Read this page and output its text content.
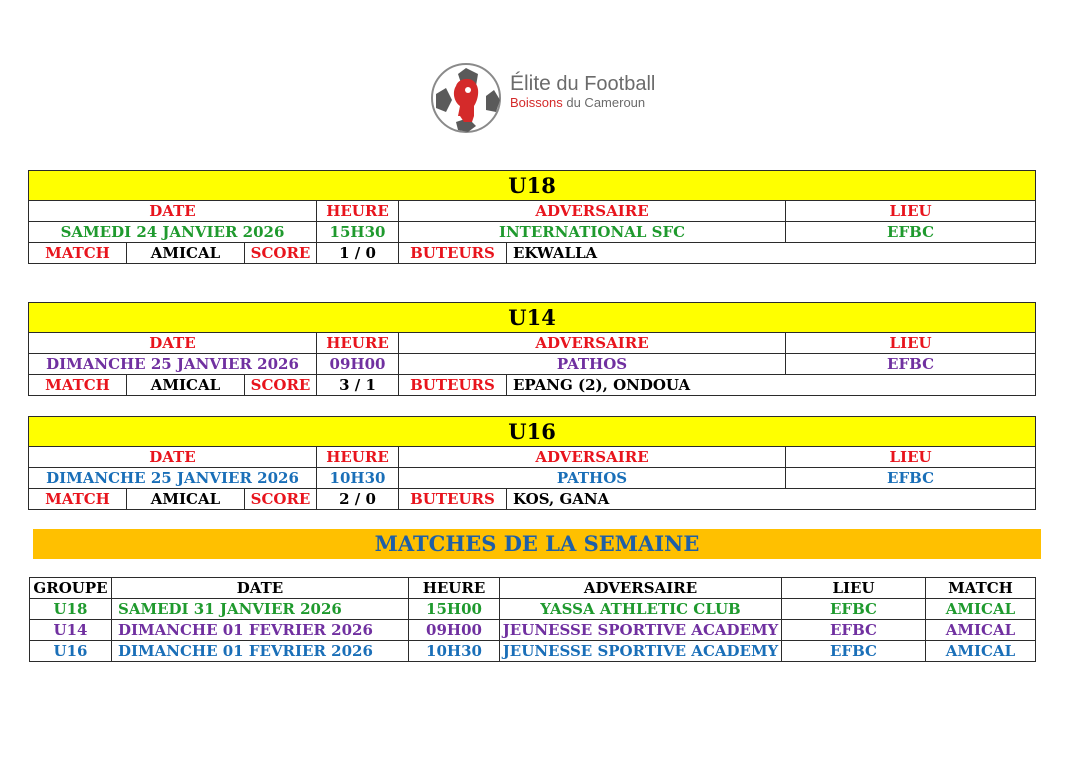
Élite du Football
Boissons du Cameroun
U18						
DATE			HEURE	ADVERSAIRE		LIEU
SAMEDI 24 JANVIER 2026			15H30	INTERNATIONAL SFC		EFBC
MATCH	AMICAL	SCORE	1 / 0	BUTEURS	EKWALLA	
U14						
DATE			HEURE	ADVERSAIRE		LIEU
DIMANCHE 25 JANVIER 2026			09H00	PATHOS		EFBC
MATCH	AMICAL	SCORE	3 / 1	BUTEURS	EPANG (2), ONDOUA	
U16						
DATE			HEURE	ADVERSAIRE		LIEU
DIMANCHE 25 JANVIER 2026			10H30	PATHOS		EFBC
MATCH	AMICAL	SCORE	2 / 0	BUTEURS	KOS, GANA	
MATCHES DE LA SEMAINE
GROUPE	DATE	HEURE	ADVERSAIRE	LIEU	MATCH
U18	SAMEDI 31 JANVIER 2026	15H00	YASSA ATHLETIC CLUB	EFBC	AMICAL
U14	DIMANCHE 01 FEVRIER 2026	09H00	JEUNESSE SPORTIVE ACADEMY	EFBC	AMICAL
U16	DIMANCHE 01 FEVRIER 2026	10H30	JEUNESSE SPORTIVE ACADEMY	EFBC	AMICAL
